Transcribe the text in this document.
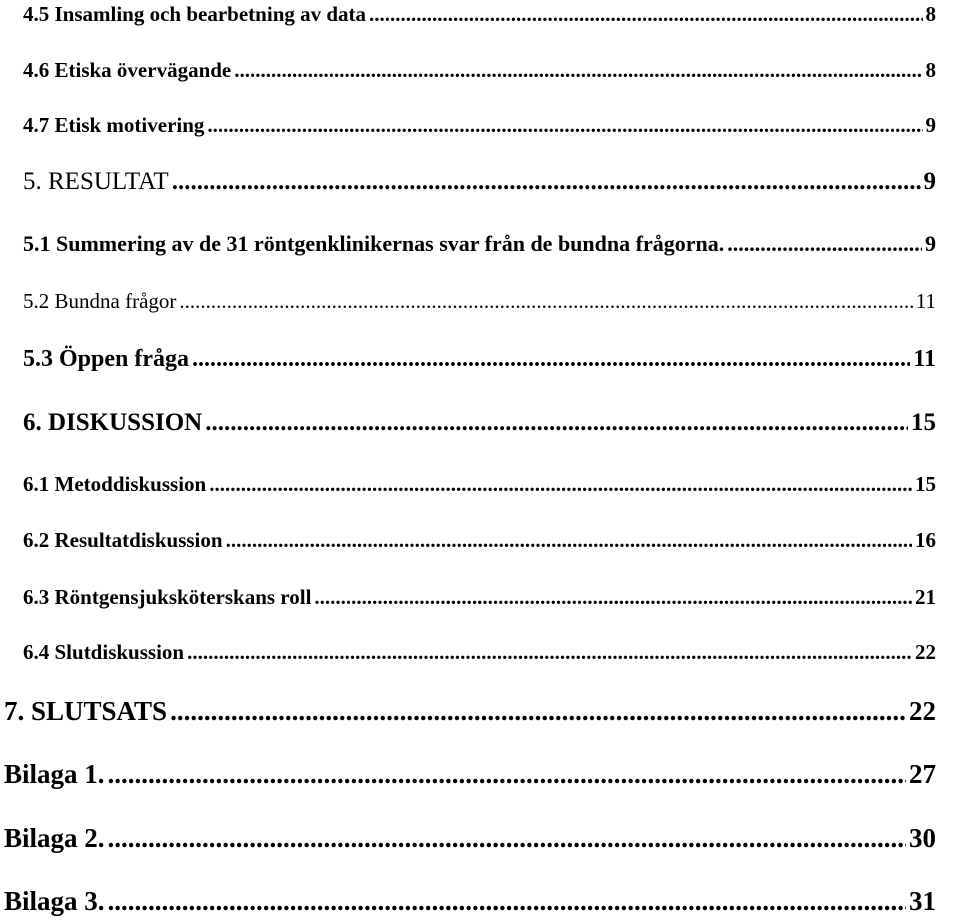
4.5 Insamling och bearbetning av data .....	8
4.6 Etiska övervägande .....	8
4.7 Etisk motivering .....	9
5. RESULTAT .....	9
5.1 Summering av de 31 röntgenklinikernas svar från de bundna frågorna. .....	9
5.2 Bundna frågor .....	11
5.3 Öppen fråga .....	11
6. DISKUSSION .....	15
6.1 Metoddiskussion .....	15
6.2 Resultatdiskussion .....	16
6.3 Röntgensjuksköterskans roll .....	21
6.4 Slutdiskussion .....	22
7. SLUTSATS .....	22
Bilaga 1. .....	27
Bilaga 2. .....	30
Bilaga 3. .....	31
